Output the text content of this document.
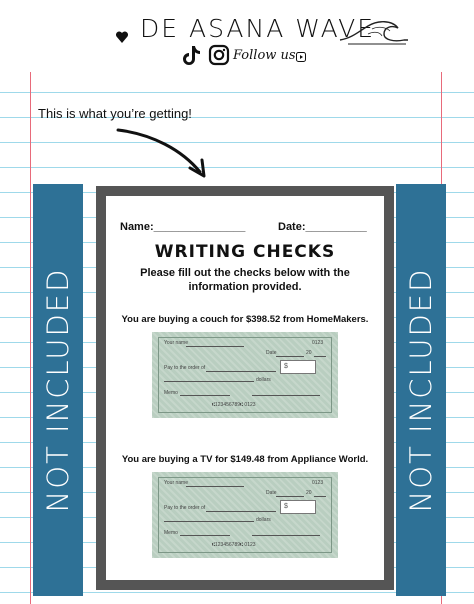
DE ASANA WAVE
Follow us
This is what you’re getting!
NOT INCLUDED	NOT INCLUDED
Name:_______________	Date:__________
WRITING CHECKS
Please fill out the checks below with the information provided.
You are buying a couch for $398.52 from HomeMakers.
Your name	0123
Date	20
Pay to the order of	$
dollars
Memo
⑆123456789⑆ 0123
You are buying a TV for $149.48 from Appliance World.
Your name	0123
Date	20
Pay to the order of	$
dollars
Memo
⑆123456789⑆ 0123
